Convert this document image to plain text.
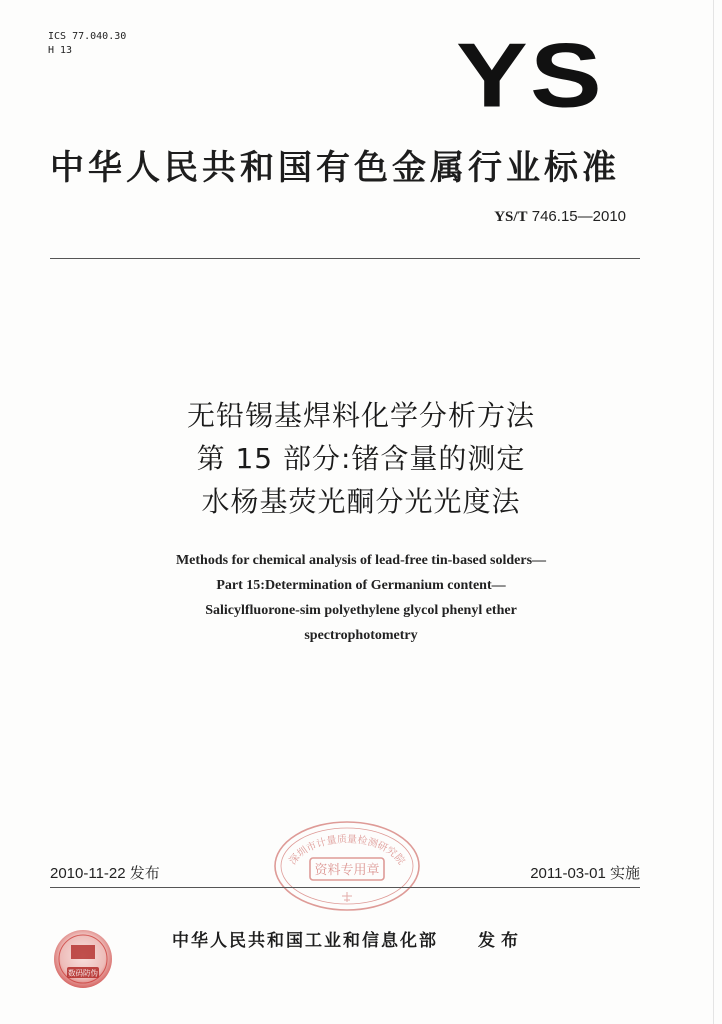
ICS 77.040.30
H 13	YS
中华人民共和国有色金属行业标准
YS/T 746.15—2010
无铅锡基焊料化学分析方法
第 15 部分:锗含量的测定
水杨基荧光酮分光光度法
Methods for chemical analysis of lead-free tin-based solders—
Part 15:Determination of Germanium content—
Salicylfluorone-sim polyethylene glycol phenyl ether
spectrophotometry
深圳市计量质量检测研究院
资料专用章
2010-11-22 发布	2011-03-01 实施
数码防伪
中华人民共和国工业和信息化部 发布
